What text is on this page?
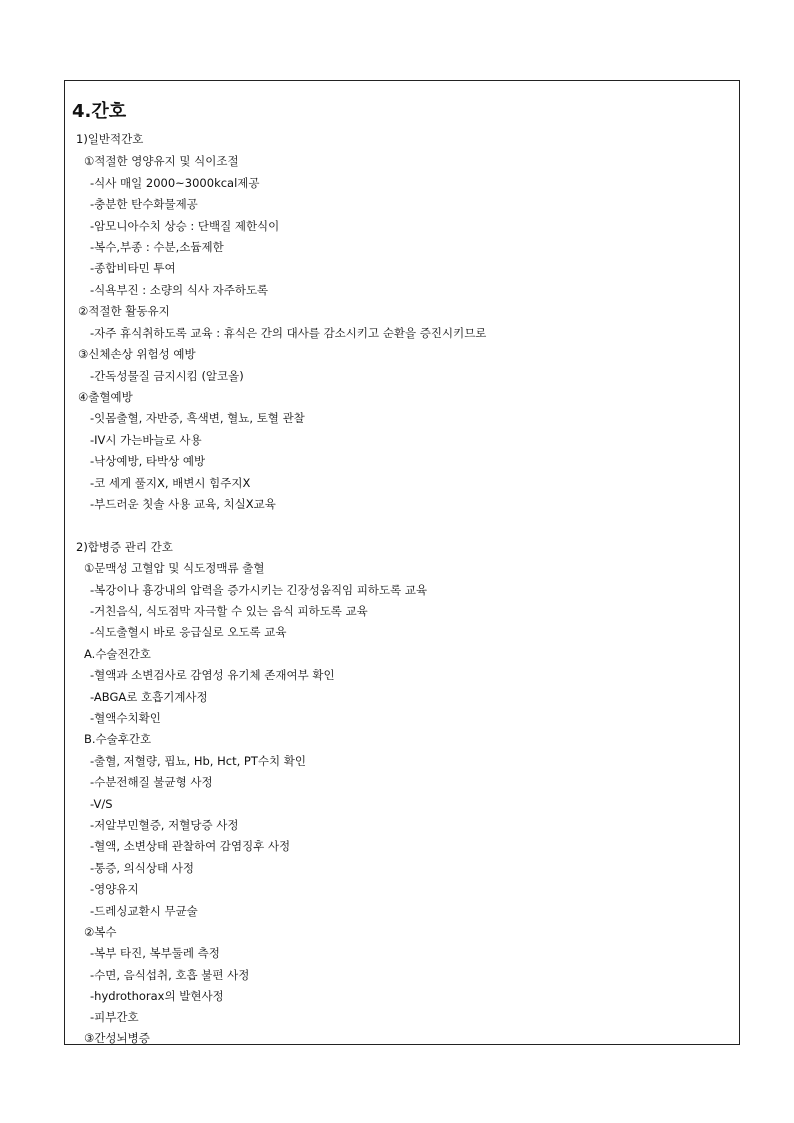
4.간호
1)일반적간호
①적절한 영양유지 및 식이조절
-식사 매일 2000~3000kcal제공
-충분한 탄수화물제공
-암모니아수치 상승 : 단백질 제한식이
-복수,부종 : 수분,소듐제한
-종합비타민 투여
-식욕부진 : 소량의 식사 자주하도록
②적절한 활동유지
-자주 휴식취하도록 교육 : 휴식은 간의 대사를 감소시키고 순환을 증진시키므로
③신체손상 위험성 예방
-간독성물질 금지시킴 (알코올)
④출혈예방
-잇몸출혈, 자반증, 흑색변, 혈뇨, 토혈 관찰
-IV시 가는바늘로 사용
-낙상예방, 타박상 예방
-코 세게 풀지X, 배변시 힘주지X
-부드러운 칫솔 사용 교육, 치실X교육
2)합병증 관리 간호
①문맥성 고혈압 및 식도정맥류 출혈
-복강이나 흉강내의 압력을 증가시키는 긴장성움직임 피하도록 교육
-거친음식, 식도점막 자극할 수 있는 음식 피하도록 교육
-식도출혈시 바로 응급실로 오도록 교육
A.수술전간호
-혈액과 소변검사로 감염성 유기체 존재여부 확인
-ABGA로 호흡기계사정
-혈액수치확인
B.수술후간호
-출혈, 저혈량, 핍뇨, Hb, Hct, PT수치 확인
-수분전해질 불균형 사정
-V/S
-저알부민혈증, 저혈당증 사정
-혈액, 소변상태 관찰하여 감염징후 사정
-통증, 의식상태 사정
-영양유지
-드레싱교환시 무균술
②복수
-복부 타진, 복부둘레 측정
-수면, 음식섭취, 호흡 불편 사정
-hydrothorax의 발현사정
-피부간호
③간성뇌병증
